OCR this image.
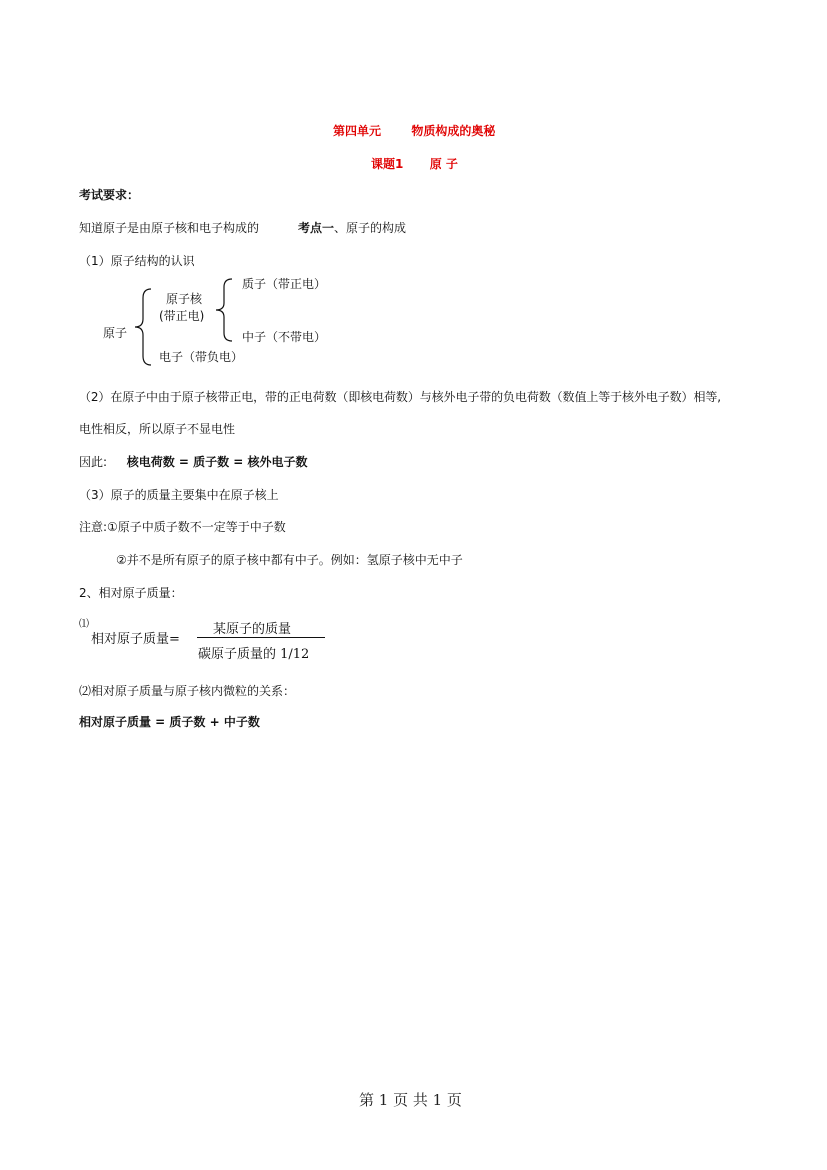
第四单元	物质构成的奥秘
课题1 原 子
考试要求：
知道原子是由原子核和电子构成的	考点一、原子的构成
（1）原子结构的认识
原子
原子核
(带正电)
电子（带负电）
质子（带正电）
中子（不带电）
（2）在原子中由于原子核带正电，带的正电荷数（即核电荷数）与核外电子带的负电荷数（数值上等于核外电子数）相等,
电性相反，所以原子不显电性
因此: 核电荷数 = 质子数 = 核外电子数
（3）原子的质量主要集中在原子核上
注意:①原子中质子数不一定等于中子数
②并不是所有原子的原子核中都有中子。例如：氢原子核中无中子
2、相对原子质量：
⑴
相对原子质量=
某原子的质量
碳原子质量的 1/12
⑵相对原子质量与原子核内微粒的关系：
相对原子质量 = 质子数 + 中子数
第 1 页 共 1 页
